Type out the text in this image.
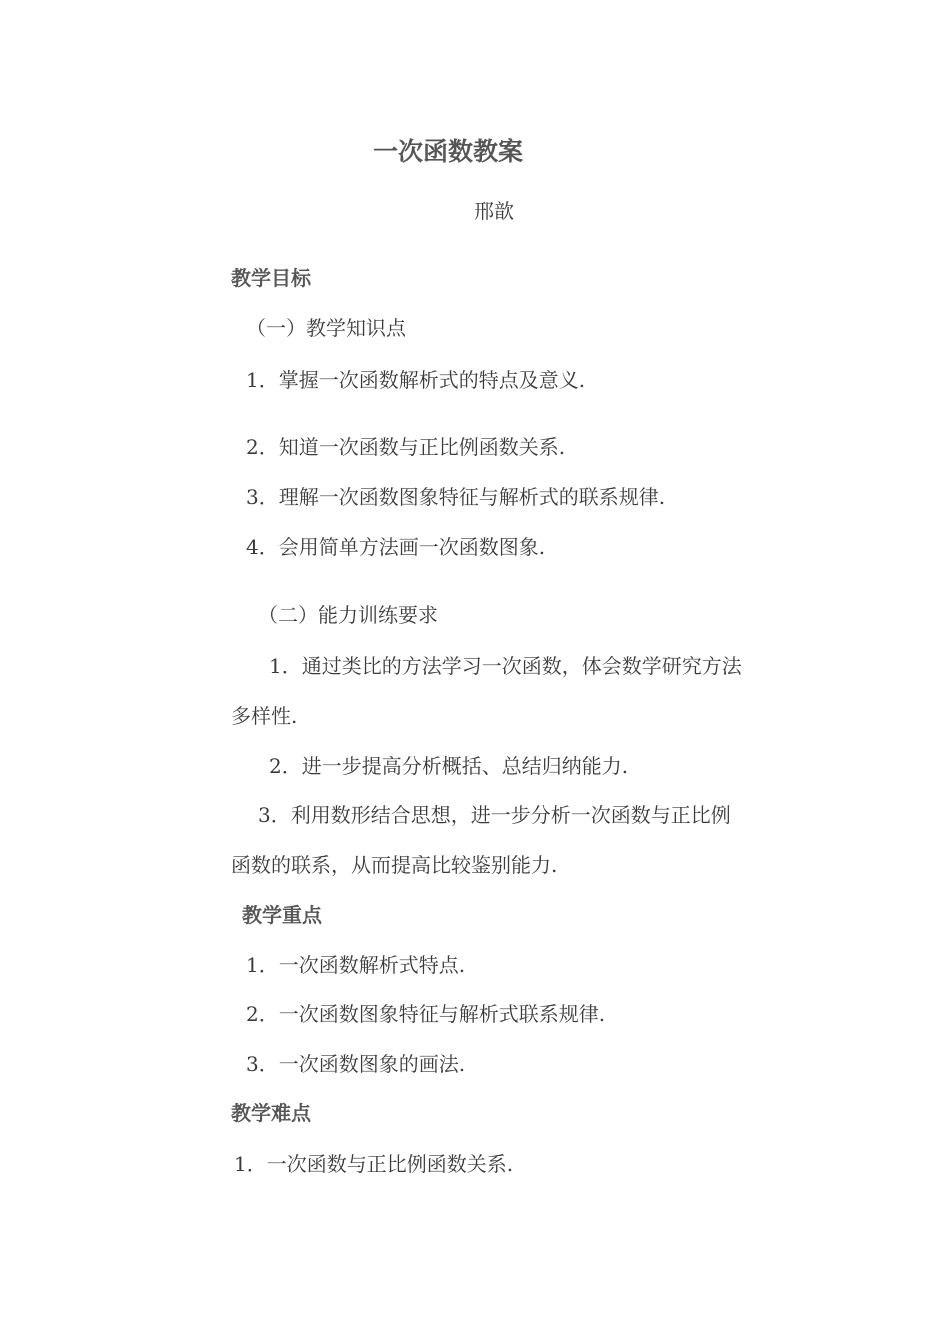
一次函数教案
邢歆
教学目标
（一）教学知识点
1．掌握一次函数解析式的特点及意义.
2．知道一次函数与正比例函数关系.
3．理解一次函数图象特征与解析式的联系规律.
4．会用简单方法画一次函数图象.
（二）能力训练要求
1．通过类比的方法学习一次函数，体会数学研究方法
多样性.
2．进一步提高分析概括、总结归纳能力.
3．利用数形结合思想，进一步分析一次函数与正比例
函数的联系，从而提高比较鉴别能力.
教学重点
1．一次函数解析式特点.
2．一次函数图象特征与解析式联系规律.
3．一次函数图象的画法.
教学难点
1．一次函数与正比例函数关系.
